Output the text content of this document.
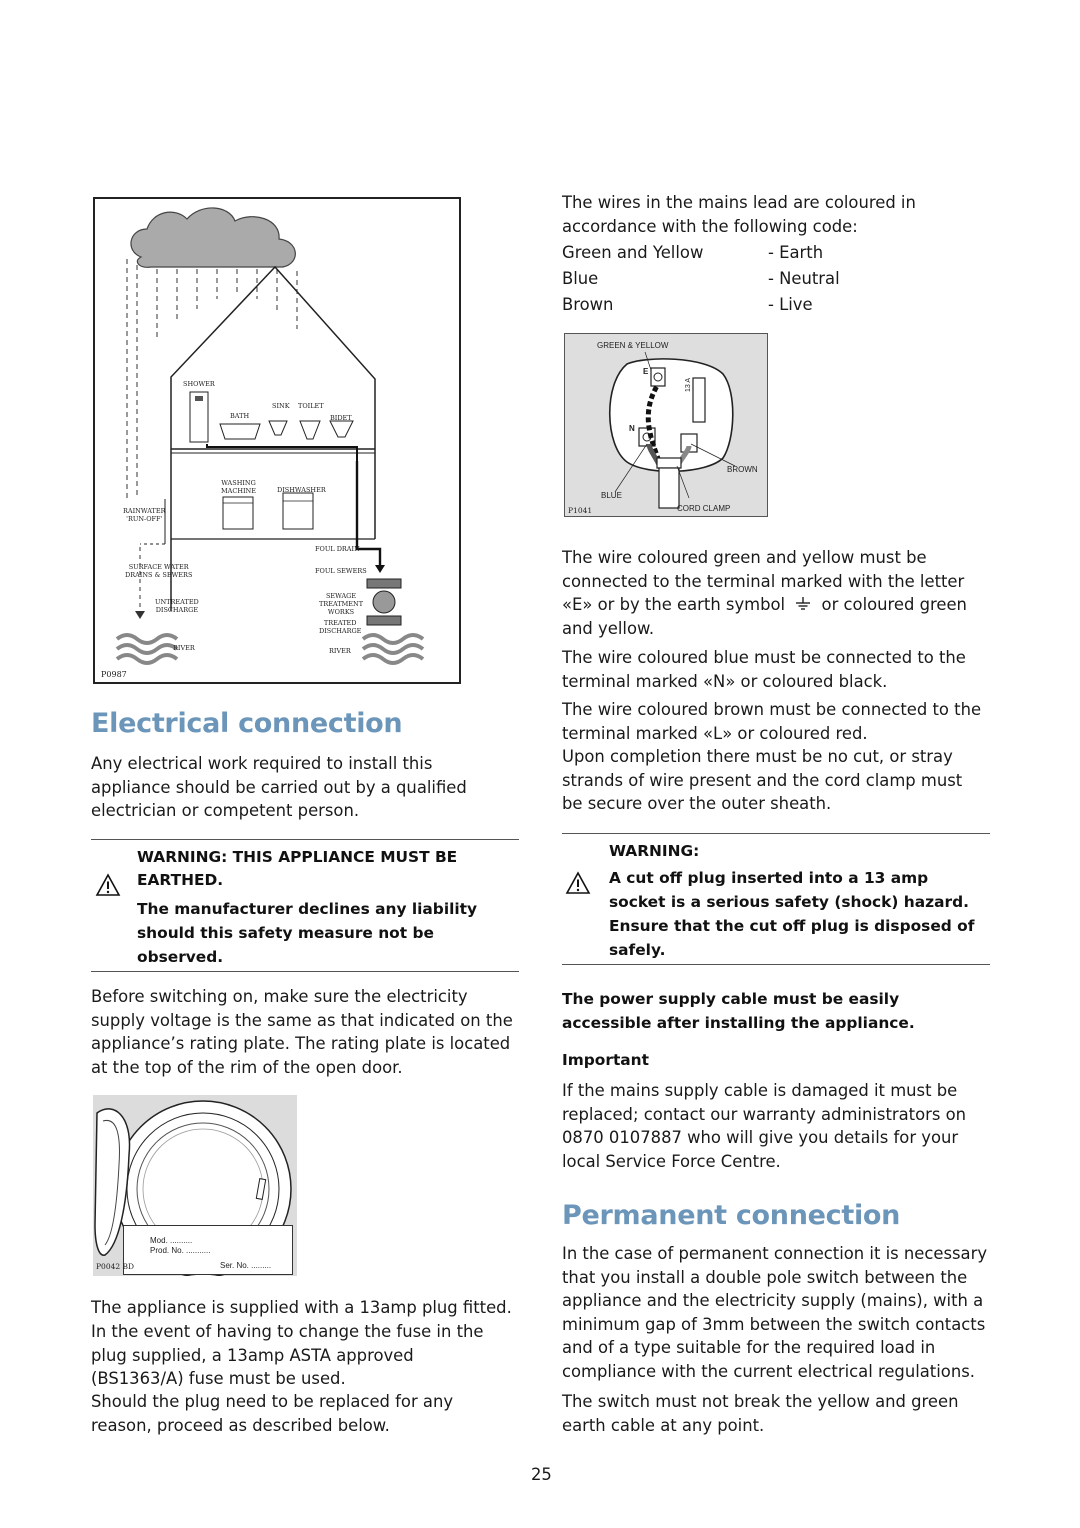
SHOWER
BATH
SINK TOILET
BIDET
WASHING
MACHINE	DISHWASHER
RAINWATER
'RUN-OFF'
FOUL DRAIN
SURFACE WATER
DRAINS & SEWERS	FOUL SEWERS
SEWAGE
TREATMENT
WORKS
UNTREATED
DISCHARGE
TREATED
DISCHARGE
RIVER	RIVER
P0987
Electrical connection

Any electrical work required to install this appliance should be carried out by a qualified electrician or competent person.

WARNING: THIS APPLIANCE MUST BE
EARTHED.

The manufacturer declines any liability should this safety measure not be observed.

Before switching on, make sure the electricity supply voltage is the same as that indicated on the appliance’s rating plate. The rating plate is located at the top of the rim of the open door.

Mod. ..........
Prod. No. ...........
Ser. No. .........
P0042 BD

The appliance is supplied with a 13amp plug fitted.

In the event of having to change the fuse in the plug supplied, a 13amp ASTA approved (BS1363/A) fuse must be used.

Should the plug need to be replaced for any reason, proceed as described below.

The wires in the mains lead are coloured in accordance with the following code:

Green and Yellow	- Earth
Blue	- Neutral
Brown	- Live
GREEN & YELLOW
E
N
13 A
BROWN
BLUE
CORD CLAMP
P1041
The wire coloured green and yellow must be connected to the terminal marked with the letter «E» or by the earth symbol or coloured green and yellow.

The wire coloured blue must be connected to the terminal marked «N» or coloured black.

The wire coloured brown must be connected to the terminal marked «L» or coloured red.

Upon completion there must be no cut, or stray strands of wire present and the cord clamp must be secure over the outer sheath.

WARNING:

A cut off plug inserted into a 13 amp socket is a serious safety (shock) hazard. Ensure that the cut off plug is disposed of safely.

The power supply cable must be easily accessible after installing the appliance.

Important

If the mains supply cable is damaged it must be replaced; contact our warranty administrators on 0870 0107887 who will give you details for your local Service Force Centre.

Permanent connection

In the case of permanent connection it is necessary that you install a double pole switch between the appliance and the electricity supply (mains), with a minimum gap of 3mm between the switch contacts and of a type suitable for the required load in compliance with the current electrical regulations.

The switch must not break the yellow and green earth cable at any point.

25
